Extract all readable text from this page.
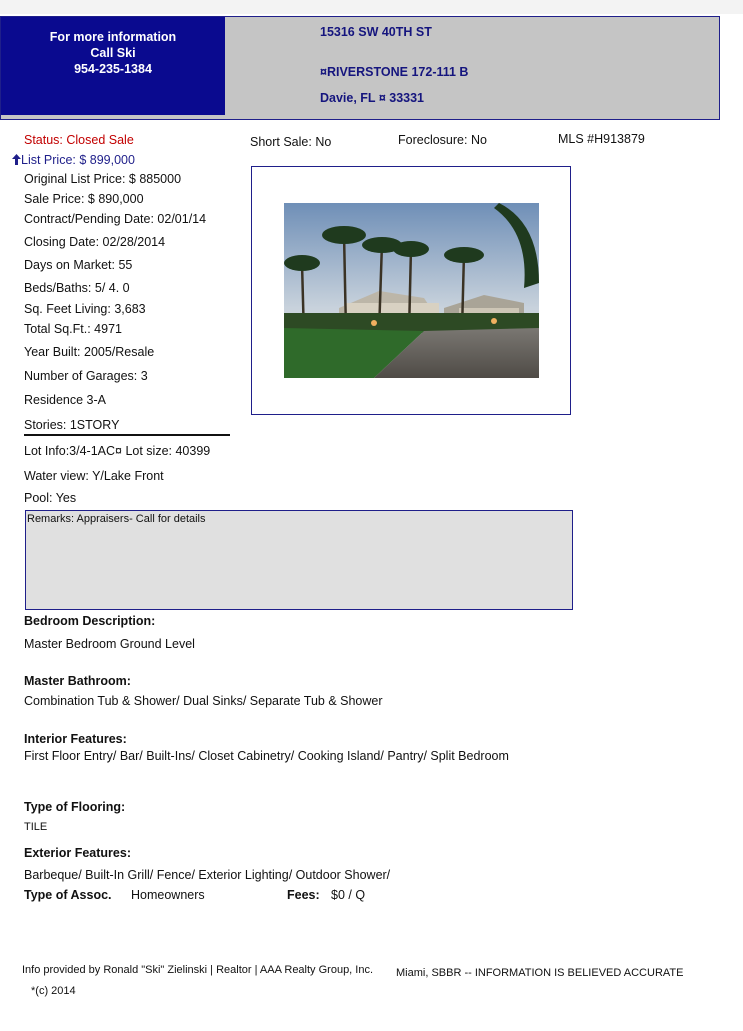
For more information
Call Ski
954-235-1384
15316 SW 40TH ST
¤RIVERSTONE 172-111 B
Davie, FL ¤ 33331
Status: Closed Sale	Short Sale: No	Foreclosure: No	MLS #H913879
List Price: $ 899,000
Original List Price: $ 885000
Sale Price: $ 890,000
Contract/Pending Date: 02/01/14
Closing Date: 02/28/2014
Days on Market: 55
Beds/Baths: 5/ 4. 0
Sq. Feet Living: 3,683
Total Sq.Ft.: 4971
Year Built: 2005/Resale
Number of Garages: 3
Residence 3-A
Stories: 1STORY
Lot Info:3/4-1AC¤ Lot size: 40399
Water view: Y/Lake Front
Pool: Yes
Remarks: Appraisers- Call for details
Bedroom Description:
Master Bedroom Ground Level
Master Bathroom:
Combination Tub & Shower/ Dual Sinks/ Separate Tub & Shower
Interior Features:
First Floor Entry/ Bar/ Built-Ins/ Closet Cabinetry/ Cooking Island/ Pantry/ Split Bedroom
Type of Flooring:
TILE
Exterior Features:
Barbeque/ Built-In Grill/ Fence/ Exterior Lighting/ Outdoor Shower/
Type of Assoc. Homeowners	Fees: $0 / Q
Info provided by Ronald "Ski" Zielinski | Realtor | AAA Realty Group, Inc. Miami, SBBR -- INFORMATION IS BELIEVED ACCURATE
*(c) 2014
